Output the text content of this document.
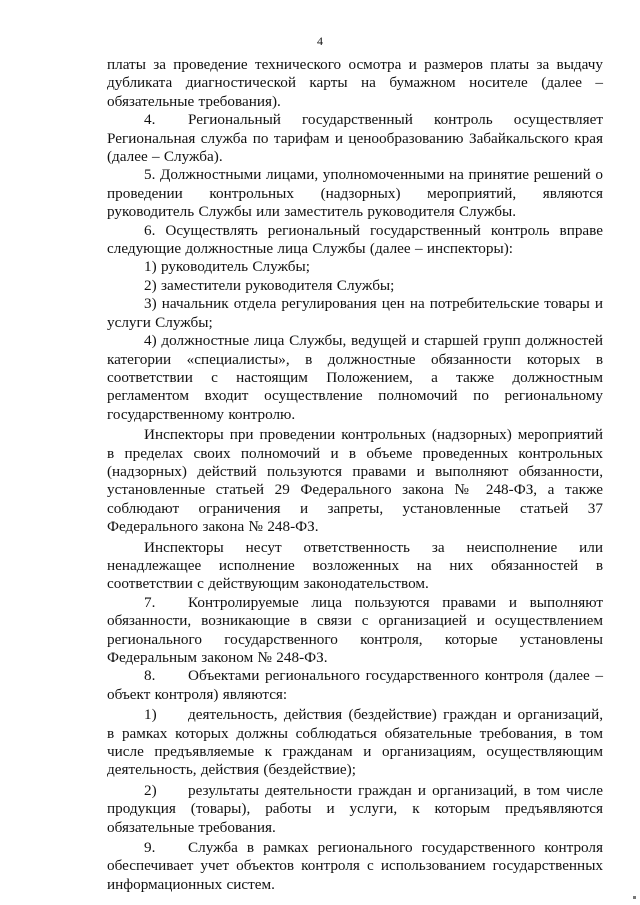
4

платы за проведение технического осмотра и размеров платы за выдачу дубликата диагностической карты на бумажном носителе (далее – обязательные требования).

4. Региональный государственный контроль осуществляет Региональная служба по тарифам и ценообразованию Забайкальского края (далее – Служба).

5. Должностными лицами, уполномоченными на принятие решений о проведении контрольных (надзорных) мероприятий, являются руководитель Службы или заместитель руководителя Службы.

6. Осуществлять региональный государственный контроль вправе следующие должностные лица Службы (далее – инспекторы):

1) руководитель Службы;

2) заместители руководителя Службы;

3) начальник отдела регулирования цен на потребительские товары и услуги Службы;

4) должностные лица Службы, ведущей и старшей групп должностей категории «специалисты», в должностные обязанности которых в соответствии с настоящим Положением, а также должностным регламентом входит осуществление полномочий по региональному государственному контролю.

Инспекторы при проведении контрольных (надзорных) мероприятий в пределах своих полномочий и в объеме проведенных контрольных (надзорных) действий пользуются правами и выполняют обязанности, установленные статьей 29 Федерального закона № 248-ФЗ, а также соблюдают ограничения и запреты, установленные статьей 37 Федерального закона № 248-ФЗ.

Инспекторы несут ответственность за неисполнение или ненадлежащее исполнение возложенных на них обязанностей в соответствии с действующим законодательством.

7. Контролируемые лица пользуются правами и выполняют обязанности, возникающие в связи с организацией и осуществлением регионального государственного контроля, которые установлены Федеральным законом № 248-ФЗ.

8. Объектами регионального государственного контроля (далее – объект контроля) являются:

1) деятельность, действия (бездействие) граждан и организаций, в рамках которых должны соблюдаться обязательные требования, в том числе предъявляемые к гражданам и организациям, осуществляющим деятельность, действия (бездействие);

2) результаты деятельности граждан и организаций, в том числе продукция (товары), работы и услуги, к которым предъявляются обязательные требования.

9. Служба в рамках регионального государственного контроля обеспечивает учет объектов контроля с использованием государственных информационных систем.
